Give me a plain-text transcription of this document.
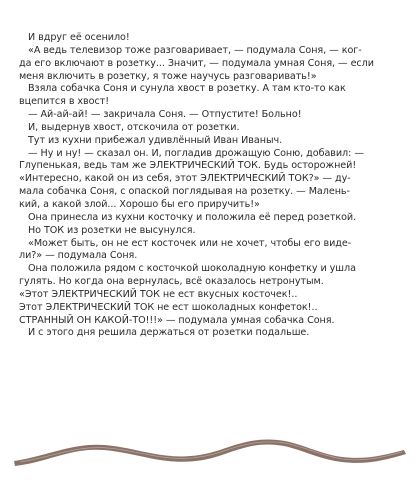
И вдруг её осенило!
«А ведь телевизор тоже разговаривает, — подумала Соня, — ког-
да его включают в розетку... Значит, — подумала умная Соня, — если
меня включить в розетку, я тоже научусь разговаривать!»
Взяла собачка Соня и сунула хвост в розетку. А там кто-то как
вцепится в хвост!
— Ай-ай-ай! — закричала Соня. — Отпустите! Больно!
И, выдернув хвост, отскочила от розетки.
Тут из кухни прибежал удивлённый Иван Иваныч.
— Ну и ну! — сказал он. И, погладив дрожащую Соню, добавил: —
Глупенькая, ведь там же ЭЛЕКТРИЧЕСКИЙ ТОК. Будь осторожней!
«Интересно, какой он из себя, этот ЭЛЕКТРИЧЕСКИЙ ТОК?» — ду-
мала собачка Соня, с опаской поглядывая на розетку. — Малень-
кий, а какой злой... Хорошо бы его приручить!»
Она принесла из кухни косточку и положила её перед розеткой.
Но ТОК из розетки не высунулся.
«Может быть, он не ест косточек или не хочет, чтобы его виде-
ли?» — подумала Соня.
Она положила рядом с косточкой шоколадную конфетку и ушла
гулять. Но когда она вернулась, всё оказалось нетронутым.
«Этот ЭЛЕКТРИЧЕСКИЙ ТОК не ест вкусных косточек!..
Этот ЭЛЕКТРИЧЕСКИЙ ТОК не ест шоколадных конфеток!..
СТРАННЫЙ ОН КАКОЙ-ТО!!!» — подумала умная собачка Соня.
И с этого дня решила держаться от розетки подальше.
